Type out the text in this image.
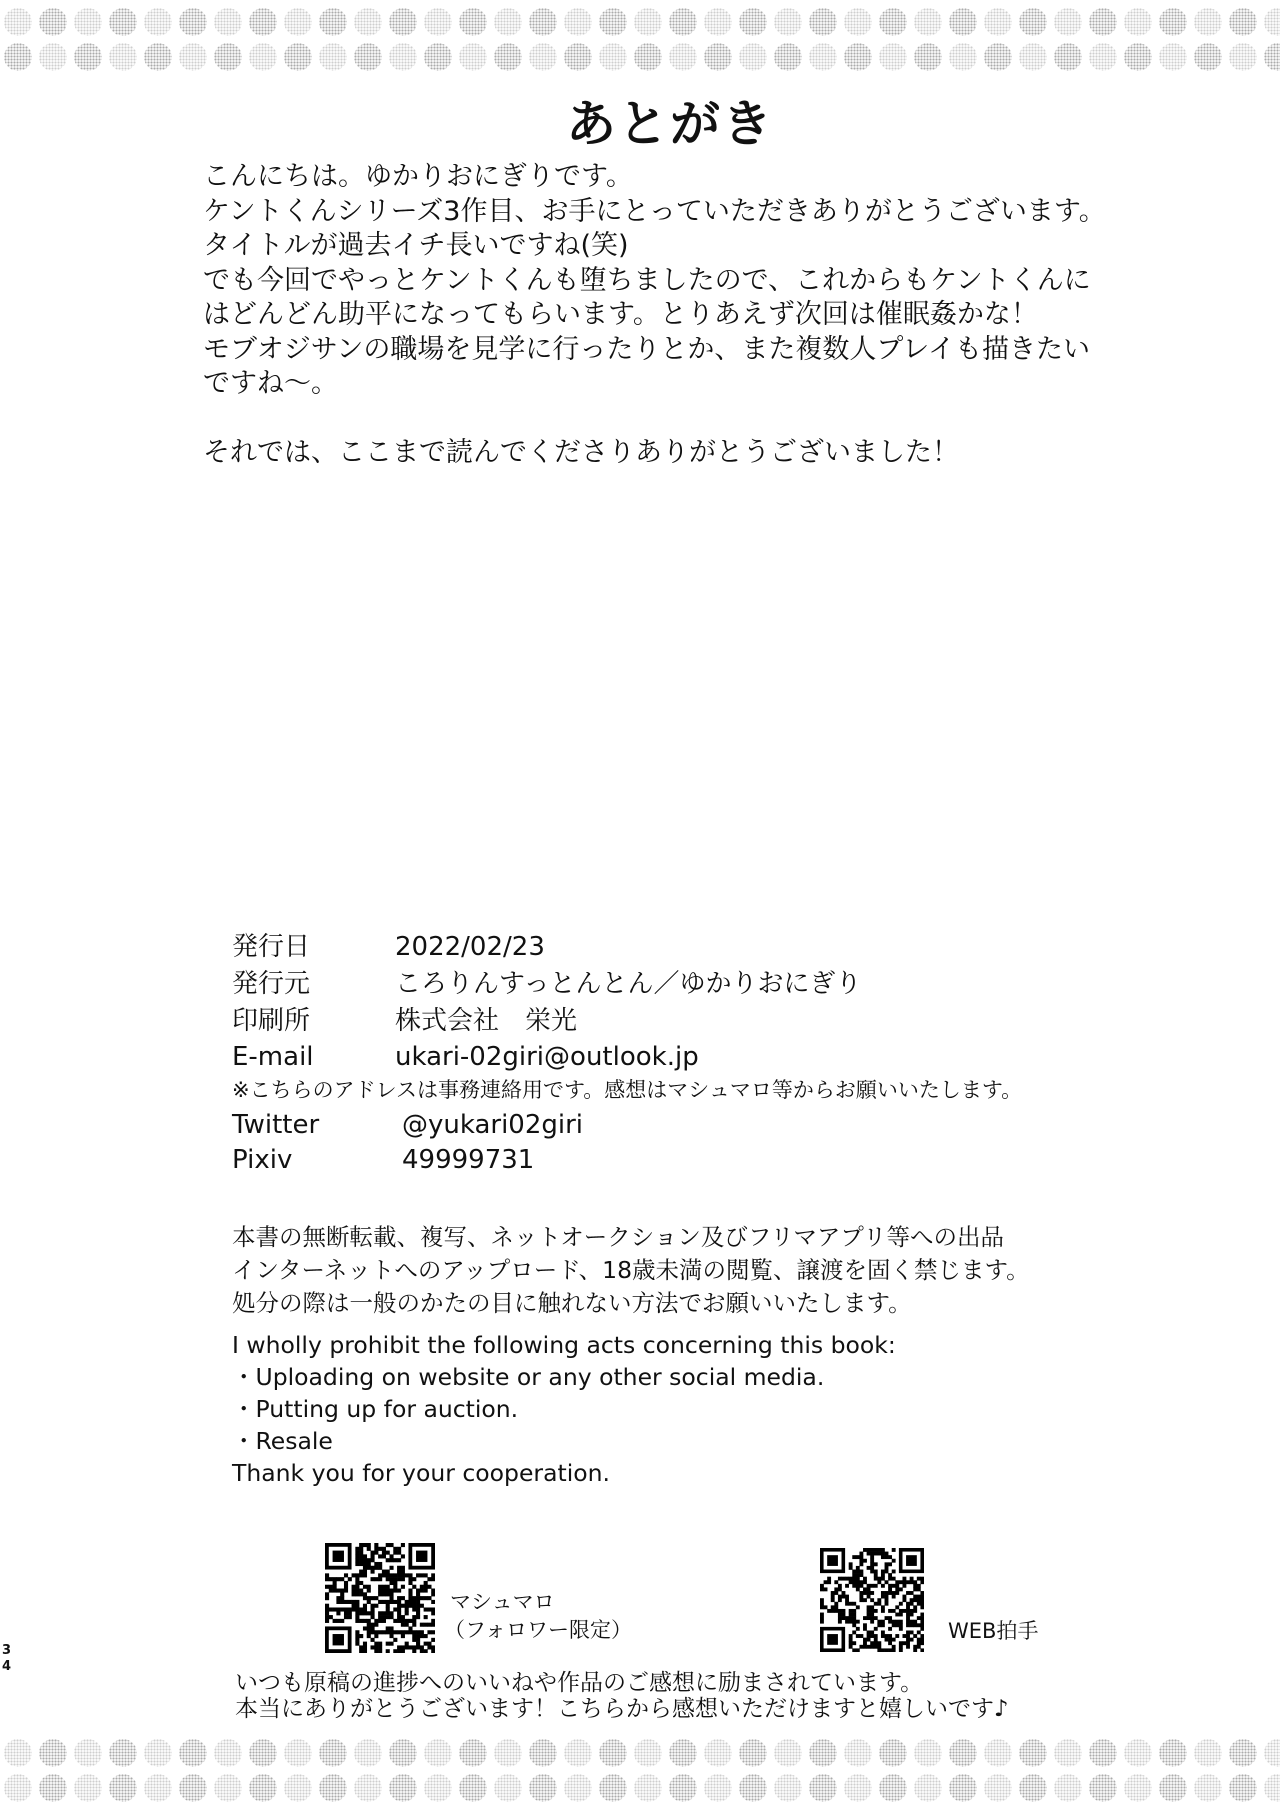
あとがき
こんにちは。ゆかりおにぎりです。
ケントくんシリーズ3作目、お手にとっていただきありがとうございます。
タイトルが過去イチ長いですね(笑)
でも今回でやっとケントくんも堕ちましたので、これからもケントくんに
はどんどん助平になってもらいます。とりあえず次回は催眠姦かな！
モブオジサンの職場を見学に行ったりとか、また複数人プレイも描きたい
ですね～。
それでは、ここまで読んでくださりありがとうございました！
発行日	2022/02/23
発行元	ころりんすっとんとん／ゆかりおにぎり
印刷所	株式会社　栄光
E-mail	ukari-02giri@outlook.jp
※こちらのアドレスは事務連絡用です。感想はマシュマロ等からお願いいたします。
Twitter	@yukari02giri
Pixiv	49999731
本書の無断転載、複写、ネットオークション及びフリマアプリ等への出品
インターネットへのアップロード、18歳未満の閲覧、譲渡を固く禁じます。
処分の際は一般のかたの目に触れない方法でお願いいたします。
I wholly prohibit the following acts concerning this book:
・Uploading on website or any other social media.
・Putting up for auction.
・Resale
Thank you for your cooperation.
マシュマロ
（フォロワー限定）	WEB拍手
3
4
いつも原稿の進捗へのいいねや作品のご感想に励まされています。
本当にありがとうございます！こちらから感想いただけますと嬉しいです♪
